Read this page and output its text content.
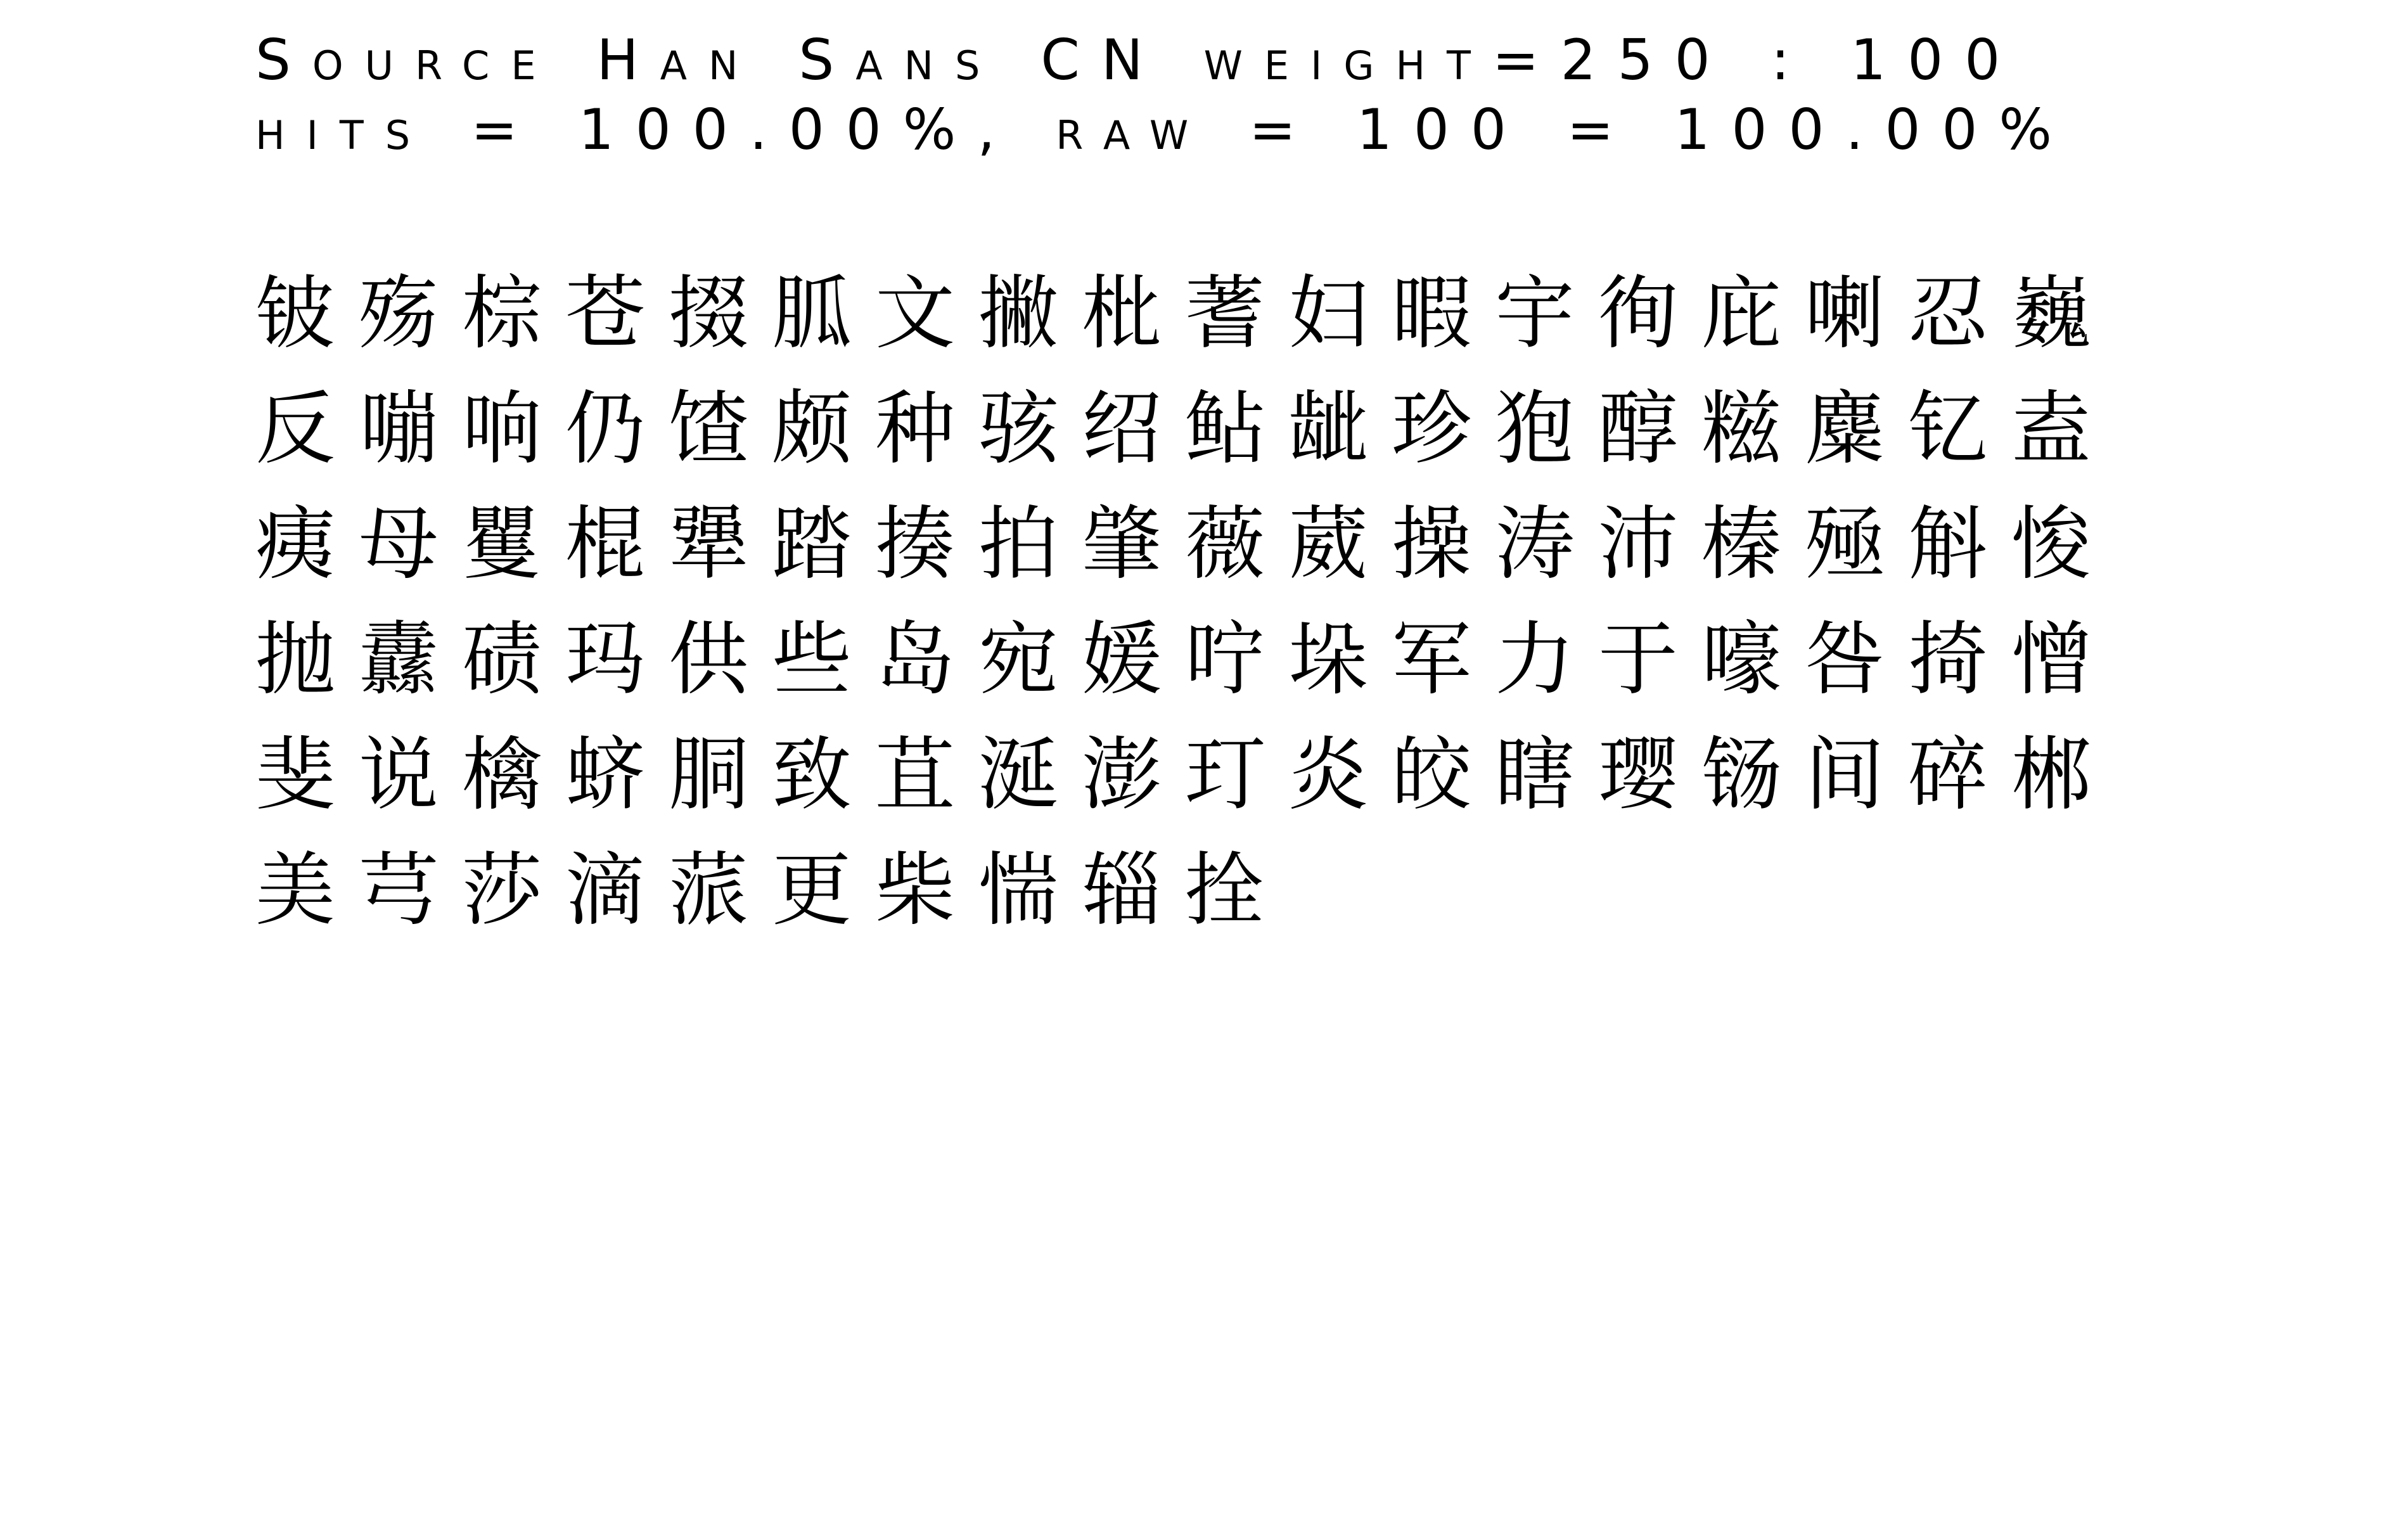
Source Han Sans CN weight=250 : 100
hits = 100.00%, raw = 100 = 100.00%
铍 殇 棕 苍 掇 胍 文 撇 枇 蓍 妇 暇 宇 徇 庇 喇 忍 巍
反 嘣 响 仍 馇 颇 种 骇 绍 鲇 龇 珍 狍 醇 糍 麋 钇 盍
痍 母 矍 棍 犟 踏 揍 拍 肇 薇 葳 操 涛 沛 榛 殛 斛 悛
抛 纛 碛 玛 供 些 岛 宛 媛 咛 垛 军 力 于 嚎 咎 掎 憎
斐 说 檎 蛴 胴 致 苴 涎 澎 玎 炎 皎 瞎 璎 铴 间 碎 郴
美 芎 莎 滴 蒎 更 柴 惴 辎 拴
